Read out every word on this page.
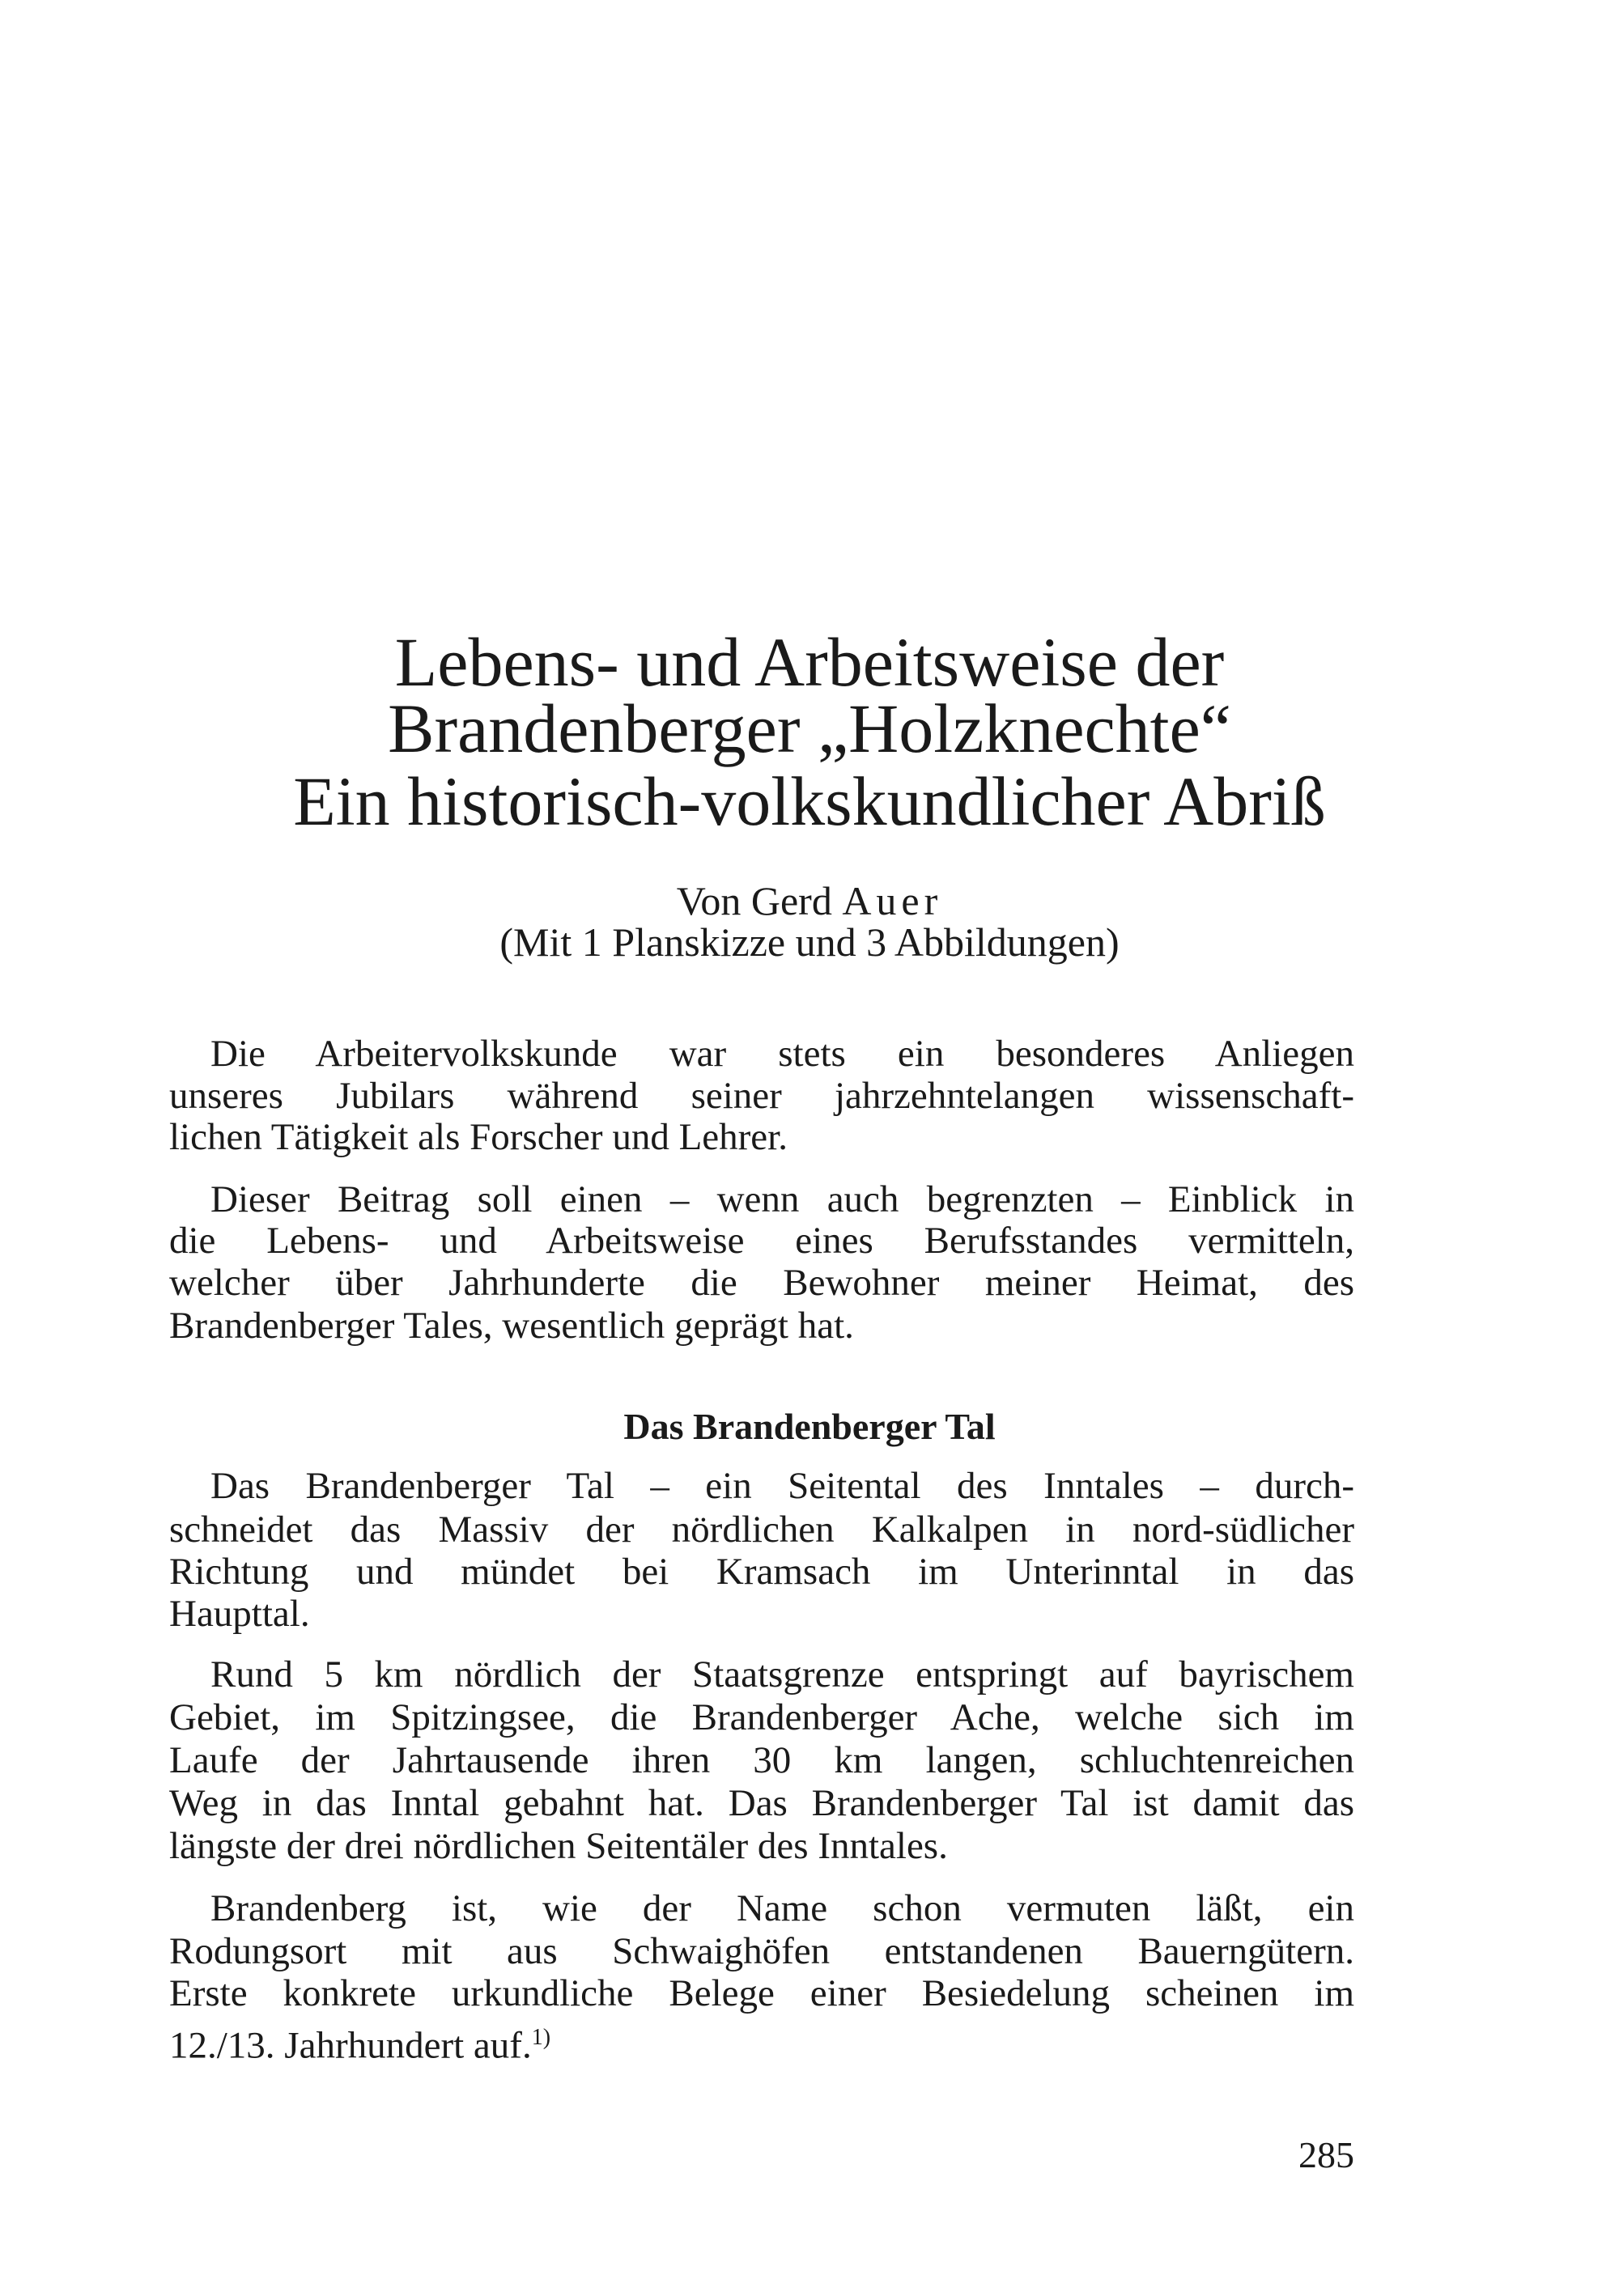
Lebens- und Arbeitsweise der
Brandenberger „Holzknechte“
Ein historisch-volkskundlicher Abriß
Von Gerd Auer
(Mit 1 Planskizze und 3 Abbildungen)
Die Arbeitervolkskunde war stets ein besonderes Anliegen
unseres Jubilars während seiner jahrzehntelangen wissenschaft-
lichen Tätigkeit als Forscher und Lehrer.
Dieser Beitrag soll einen – wenn auch begrenzten – Einblick in
die Lebens- und Arbeitsweise eines Berufsstandes vermitteln,
welcher über Jahrhunderte die Bewohner meiner Heimat, des
Brandenberger Tales, wesentlich geprägt hat.
Das Brandenberger Tal
Das Brandenberger Tal – ein Seitental des Inntales – durch-
schneidet das Massiv der nördlichen Kalkalpen in nord-südlicher
Richtung und mündet bei Kramsach im Unterinntal in das
Haupttal.
Rund 5 km nördlich der Staatsgrenze entspringt auf bayrischem
Gebiet, im Spitzingsee, die Brandenberger Ache, welche sich im
Laufe der Jahrtausende ihren 30 km langen, schluchtenreichen
Weg in das Inntal gebahnt hat. Das Brandenberger Tal ist damit das
längste der drei nördlichen Seitentäler des Inntales.
Brandenberg ist, wie der Name schon vermuten läßt, ein
Rodungsort mit aus Schwaighöfen entstandenen Bauerngütern.
Erste konkrete urkundliche Belege einer Besiedelung scheinen im
12./13. Jahrhundert auf.$^{1)}$
285
